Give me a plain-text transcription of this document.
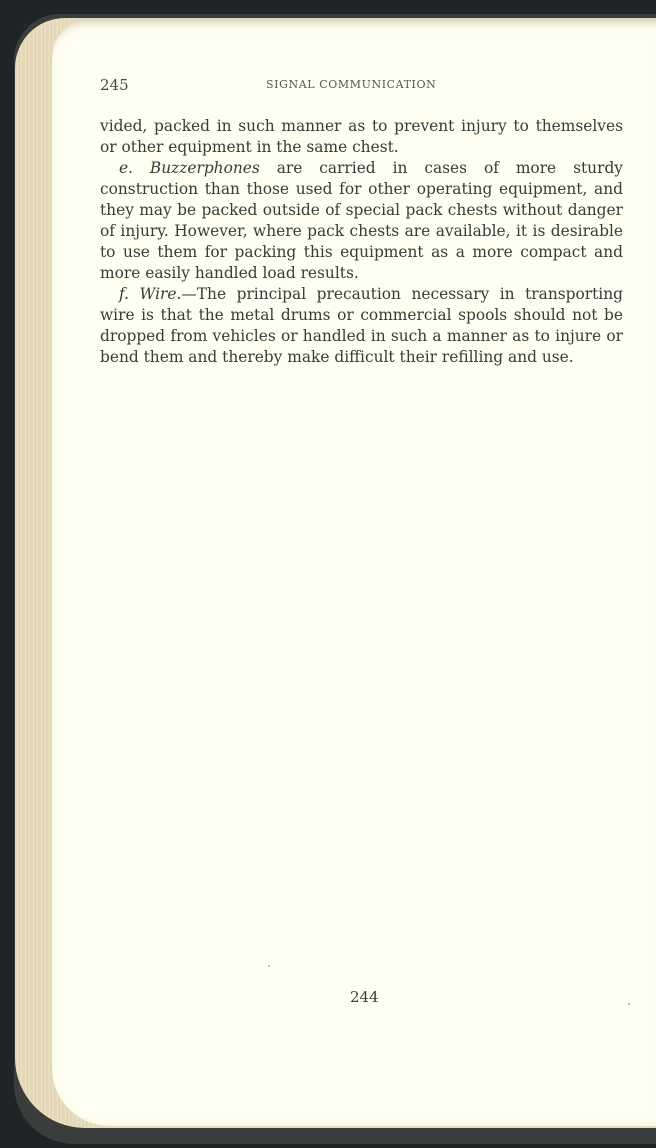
245	SIGNAL COMMUNICATION

vided, packed in such manner as to prevent injury to themselves or other equipment in the same chest.

e. Buzzerphones are carried in cases of more sturdy construction than those used for other operating equipment, and they may be packed outside of special pack chests without danger of injury. However, where pack chests are available, it is desirable to use them for packing this equipment as a more compact and more easily handled load results.

f. Wire.—The principal precaution necessary in transporting wire is that the metal drums or commercial spools should not be dropped from vehicles or handled in such a manner as to injure or bend them and thereby make difficult their refilling and use.

244
